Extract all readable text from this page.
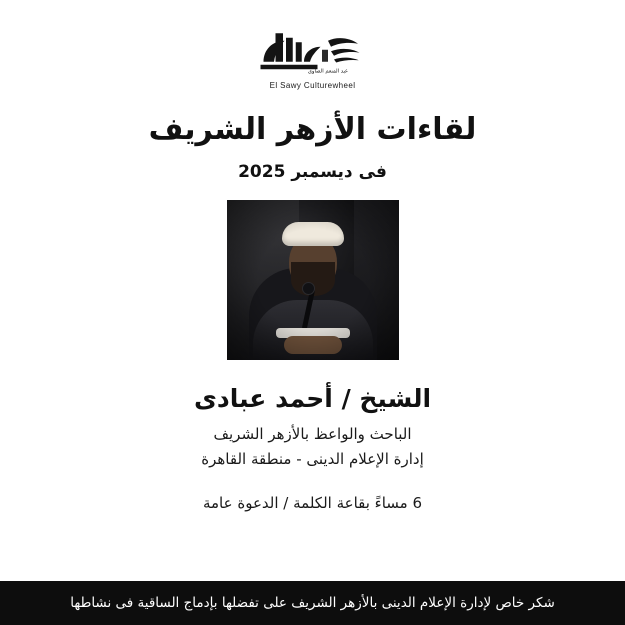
عبد المنعم الصاوى
El Sawy Culturewheel
لقاءات الأزهر الشريف
فى ديسمبر 2025
الشيخ / أحمد عبادى
الباحث والواعظ بالأزهر الشريف
إدارة الإعلام الدينى - منطقة القاهرة
6 مساءً بقاعة الكلمة / الدعوة عامة
شكر خاص لإدارة الإعلام الدينى بالأزهر الشريف على تفضلها بإدماج الساقية فى نشاطها
